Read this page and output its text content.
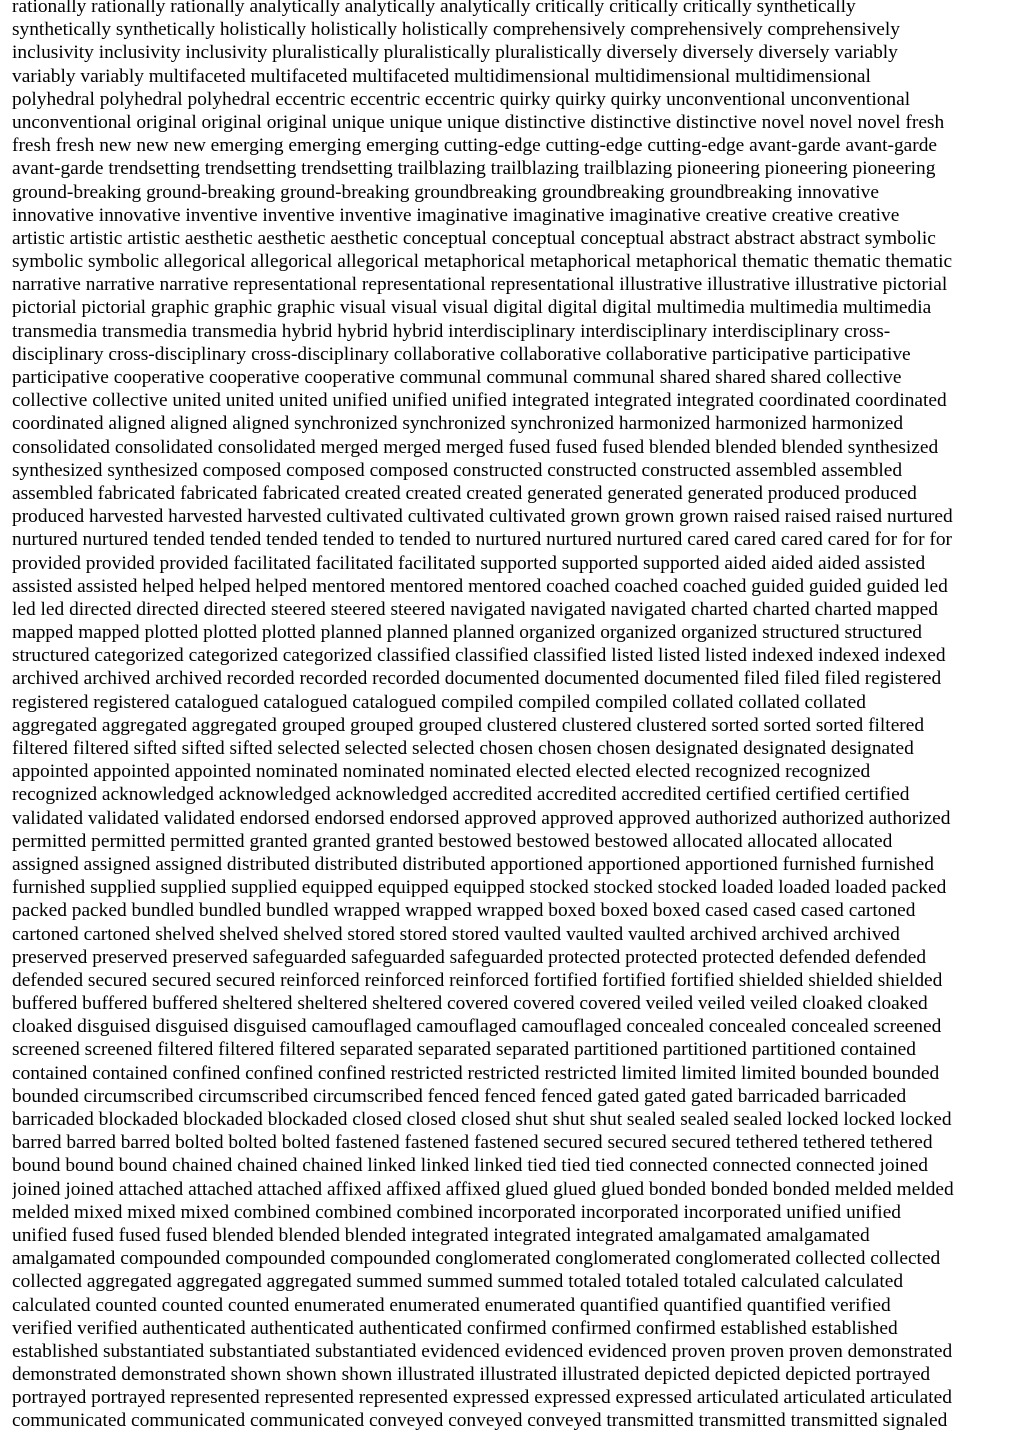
rationally rationally rationally analytically analytically analytically critically critically critically synthetically
synthetically synthetically holistically holistically holistically comprehensively comprehensively comprehensively
inclusivity inclusivity inclusivity pluralistically pluralistically pluralistically diversely diversely diversely variably
variably variably multifaceted multifaceted multifaceted multidimensional multidimensional multidimensional
polyhedral polyhedral polyhedral eccentric eccentric eccentric quirky quirky quirky unconventional unconventional
unconventional original original original unique unique unique distinctive distinctive distinctive novel novel novel fresh
fresh fresh new new new emerging emerging emerging cutting-edge cutting-edge cutting-edge avant-garde avant-garde
avant-garde trendsetting trendsetting trendsetting trailblazing trailblazing trailblazing pioneering pioneering pioneering
ground-breaking ground-breaking ground-breaking groundbreaking groundbreaking groundbreaking innovative
innovative innovative inventive inventive inventive imaginative imaginative imaginative creative creative creative
artistic artistic artistic aesthetic aesthetic aesthetic conceptual conceptual conceptual abstract abstract abstract symbolic
symbolic symbolic allegorical allegorical allegorical metaphorical metaphorical metaphorical thematic thematic thematic
narrative narrative narrative representational representational representational illustrative illustrative illustrative pictorial
pictorial pictorial graphic graphic graphic visual visual visual digital digital digital multimedia multimedia multimedia
transmedia transmedia transmedia hybrid hybrid hybrid interdisciplinary interdisciplinary interdisciplinary cross-
disciplinary cross-disciplinary cross-disciplinary collaborative collaborative collaborative participative participative
participative cooperative cooperative cooperative communal communal communal shared shared shared collective
collective collective united united united unified unified unified integrated integrated integrated coordinated coordinated
coordinated aligned aligned aligned synchronized synchronized synchronized harmonized harmonized harmonized
consolidated consolidated consolidated merged merged merged fused fused fused blended blended blended synthesized
synthesized synthesized composed composed composed constructed constructed constructed assembled assembled
assembled fabricated fabricated fabricated created created created generated generated generated produced produced
produced harvested harvested harvested cultivated cultivated cultivated grown grown grown raised raised raised nurtured
nurtured nurtured tended tended tended tended to tended to nurtured nurtured nurtured cared cared cared cared for for for
provided provided provided facilitated facilitated facilitated supported supported supported aided aided aided assisted
assisted assisted helped helped helped mentored mentored mentored coached coached coached guided guided guided led
led led directed directed directed steered steered steered navigated navigated navigated charted charted charted mapped
mapped mapped plotted plotted plotted planned planned planned organized organized organized structured structured
structured categorized categorized categorized classified classified classified listed listed listed indexed indexed indexed
archived archived archived recorded recorded recorded documented documented documented filed filed filed registered
registered registered catalogued catalogued catalogued compiled compiled compiled collated collated collated
aggregated aggregated aggregated grouped grouped grouped clustered clustered clustered sorted sorted sorted filtered
filtered filtered sifted sifted sifted selected selected selected chosen chosen chosen designated designated designated
appointed appointed appointed nominated nominated nominated elected elected elected recognized recognized
recognized acknowledged acknowledged acknowledged accredited accredited accredited certified certified certified
validated validated validated endorsed endorsed endorsed approved approved approved authorized authorized authorized
permitted permitted permitted granted granted granted bestowed bestowed bestowed allocated allocated allocated
assigned assigned assigned distributed distributed distributed apportioned apportioned apportioned furnished furnished
furnished supplied supplied supplied equipped equipped equipped stocked stocked stocked loaded loaded loaded packed
packed packed bundled bundled bundled wrapped wrapped wrapped boxed boxed boxed cased cased cased cartoned
cartoned cartoned shelved shelved shelved stored stored stored vaulted vaulted vaulted archived archived archived
preserved preserved preserved safeguarded safeguarded safeguarded protected protected protected defended defended
defended secured secured secured reinforced reinforced reinforced fortified fortified fortified shielded shielded shielded
buffered buffered buffered sheltered sheltered sheltered covered covered covered veiled veiled veiled cloaked cloaked
cloaked disguised disguised disguised camouflaged camouflaged camouflaged concealed concealed concealed screened
screened screened filtered filtered filtered separated separated separated partitioned partitioned partitioned contained
contained contained confined confined confined restricted restricted restricted limited limited limited bounded bounded
bounded circumscribed circumscribed circumscribed fenced fenced fenced gated gated gated barricaded barricaded
barricaded blockaded blockaded blockaded closed closed closed shut shut shut sealed sealed sealed locked locked locked
barred barred barred bolted bolted bolted fastened fastened fastened secured secured secured tethered tethered tethered
bound bound bound chained chained chained linked linked linked tied tied tied connected connected connected joined
joined joined attached attached attached affixed affixed affixed glued glued glued bonded bonded bonded melded melded
melded mixed mixed mixed combined combined combined incorporated incorporated incorporated unified unified
unified fused fused fused blended blended blended integrated integrated integrated amalgamated amalgamated
amalgamated compounded compounded compounded conglomerated conglomerated conglomerated collected collected
collected aggregated aggregated aggregated summed summed summed totaled totaled totaled calculated calculated
calculated counted counted counted enumerated enumerated enumerated quantified quantified quantified verified
verified verified authenticated authenticated authenticated confirmed confirmed confirmed established established
established substantiated substantiated substantiated evidenced evidenced evidenced proven proven proven demonstrated
demonstrated demonstrated shown shown shown illustrated illustrated illustrated depicted depicted depicted portrayed
portrayed portrayed represented represented represented expressed expressed expressed articulated articulated articulated
communicated communicated communicated conveyed conveyed conveyed transmitted transmitted transmitted signaled
